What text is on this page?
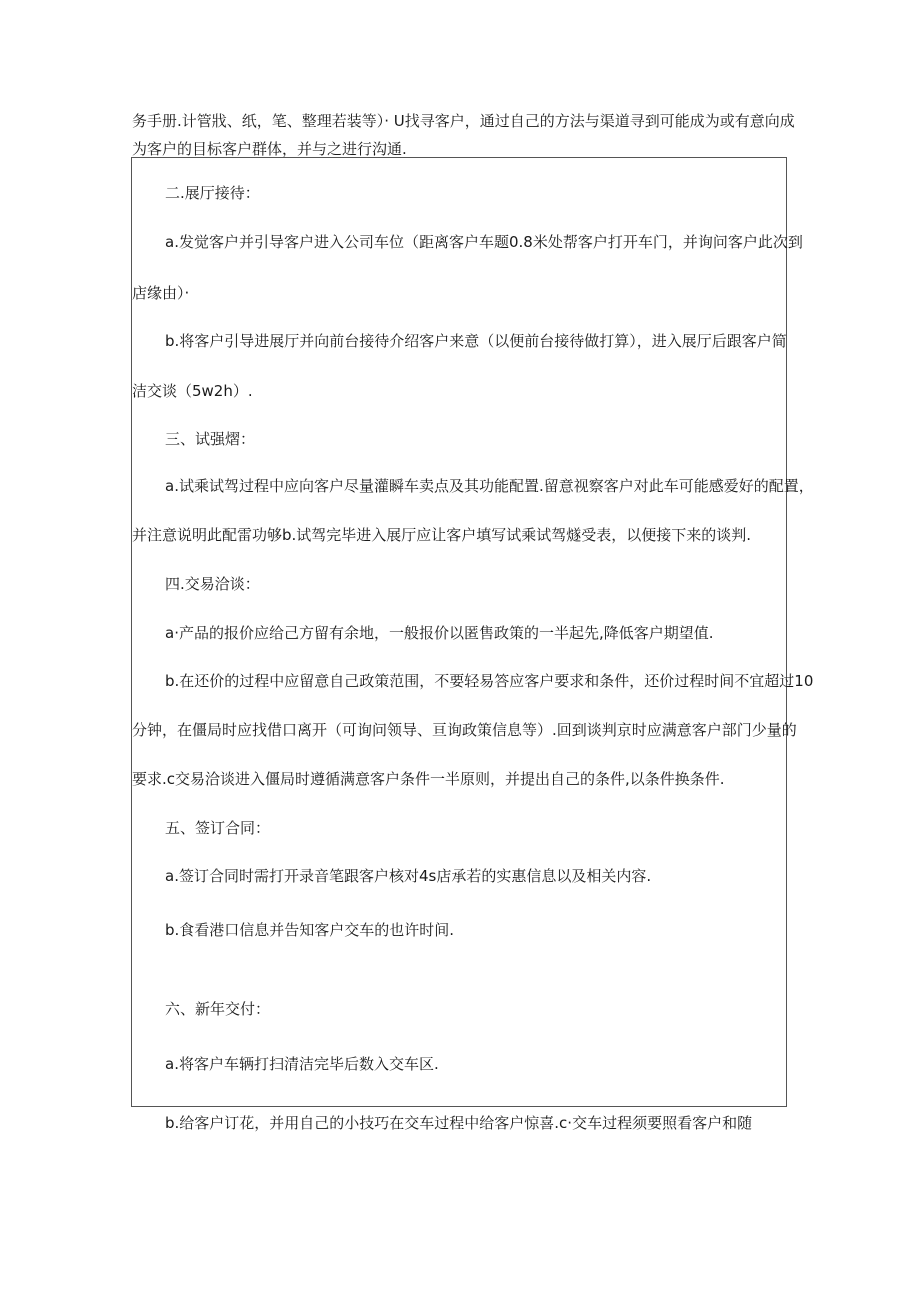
务手册.计管戕、纸，笔、整理若装等）· U找寻客户，通过自己的方法与渠道寻到可能成为或有意向成

为客户的目标客户群体，并与之进行沟通.

二.展厅接待：

a.发觉客户并引导客户进入公司车位（距离客户车题0.8米处帮客户打开车门，并询问客户此次到

店缘由）·

b.将客户引导进展厅并向前台接待介绍客户来意（以便前台接待做打算），进入展厅后跟客户简

洁交谈（5w2h）.

三、试强熠：

a.试乘试驾过程中应向客户尽量灌瞬车卖点及其功能配置.留意视察客户对此车可能感爱好的配置，

并注意说明此配雷功够b.试驾完毕进入展厅应让客户填写试乘试驾燧受表，以便接下来的谈判.

四.交易洽谈：

a·产品的报价应给己方留有余地，一般报价以匿售政策的一半起先,降低客户期望值.

b.在还价的过程中应留意自己政策范围，不要轻易答应客户要求和条件，还价过程时间不宜超过10

分钟，在僵局时应找借口离开（可询问领导、亘询政策信息等）.回到谈判京时应满意客户部门少量的

要求.c交易洽谈进入僵局时遵循满意客户条件一半原则，并提出自己的条件,以条件换条件.

五、签订合同：

a.签订合同时需打开录音笔跟客户核对4s店承若的实惠信息以及相关内容.

b.食看港口信息并告知客户交车的也许时间.

六、新年交付：

a.将客户车辆打扫清洁完毕后数入交车区.

b.给客户订花，并用自己的小技巧在交车过程中给客户惊喜.c·交车过程须要照看客户和随
